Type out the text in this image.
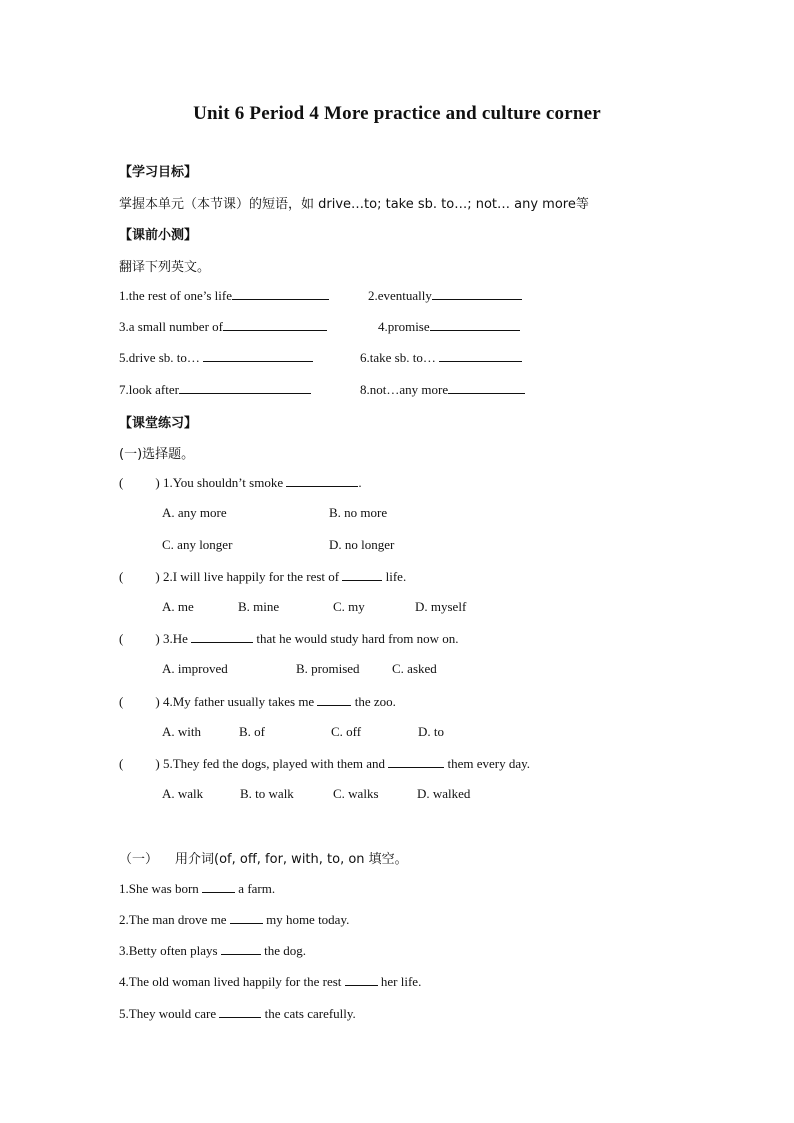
Unit 6 Period 4 More practice and culture corner
【学习目标】
掌握本单元（本节课）的短语，如 drive…to; take sb. to…; not… any more等
【课前小测】
翻译下列英文。
1.the rest of one’s life	2.eventually
3.a small number of	4.promise
5.drive sb. to…	6.take sb. to…
7.look after	8.not…any more
【课堂练习】
(一)选择题。
( ) 1.You shouldn’t smoke	.
A. any more	B. no more
C. any longer	D. no longer
( ) 2.I will live happily for the rest of	life.
A. me	B. mine	C. my	D. myself
( ) 3.He	that he would study hard from now on.
A. improved	B. promised C. asked
( ) 4.My father usually takes me	the zoo.
A. with	B. of	C. off	D. to
( ) 5.They fed the dogs, played with them and	them every day.
A. walk	B. to walk	C. walks	D. walked
（一） 用介词(of, off, for, with, to, on 填空。
1.She was born	a farm.
2.The man drove me	my home today.
3.Betty often plays	the dog.
4.The old woman lived happily for the rest	her life.
5.They would care	the cats carefully.
